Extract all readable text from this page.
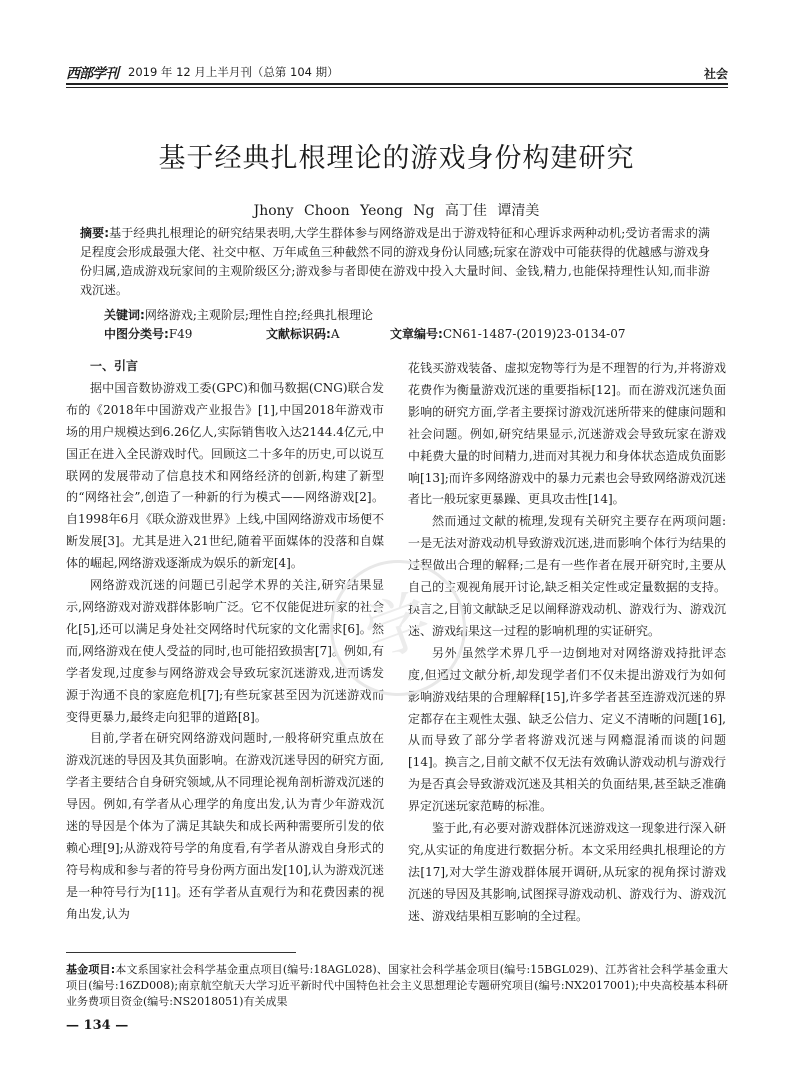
西部学刊 2019 年 12 月上半月刊（总第 104 期）	社会
基于经典扎根理论的游戏身份构建研究
Jhony Choon Yeong Ng 高丁佳 谭清美
摘要:基于经典扎根理论的研究结果表明,大学生群体参与网络游戏是出于游戏特征和心理诉求两种动机;受访者需求的满足程度会形成最强大佬、社交中枢、万年咸鱼三种截然不同的游戏身份认同感;玩家在游戏中可能获得的优越感与游戏身份归属,造成游戏玩家间的主观阶级区分;游戏参与者即使在游戏中投入大量时间、金钱,精力,也能保持理性认知,而非游戏沉迷。
关键词:网络游戏;主观阶层;理性自控;经典扎根理论
中图分类号:F49	文献标识码:A	文章编号:CN61-1487-(2019)23-0134-07

一、引言

据中国音数协游戏工委(GPC)和伽马数据(CNG)联合发布的《2018年中国游戏产业报告》[1],中国2018年游戏市场的用户规模达到6.26亿人,实际销售收入达2144.4亿元,中国正在进入全民游戏时代。回顾这二十多年的历史,可以说互联网的发展带动了信息技术和网络经济的创新,构建了新型的“网络社会”,创造了一种新的行为模式——网络游戏[2]。自1998年6月《联众游戏世界》上线,中国网络游戏市场便不断发展[3]。尤其是进入21世纪,随着平面媒体的没落和自媒体的崛起,网络游戏逐渐成为娱乐的新宠[4]。

网络游戏沉迷的问题已引起学术界的关注,研究结果显示,网络游戏对游戏群体影响广泛。它不仅能促进玩家的社会化[5],还可以满足身处社交网络时代玩家的文化需求[6]。然而,网络游戏在使人受益的同时,也可能招致损害[7]。例如,有学者发现,过度参与网络游戏会导致玩家沉迷游戏,进而诱发源于沟通不良的家庭危机[7];有些玩家甚至因为沉迷游戏而变得更暴力,最终走向犯罪的道路[8]。

目前,学者在研究网络游戏问题时,一般将研究重点放在游戏沉迷的导因及其负面影响。在游戏沉迷导因的研究方面,学者主要结合自身研究领域,从不同理论视角剖析游戏沉迷的导因。例如,有学者从心理学的角度出发,认为青少年游戏沉迷的导因是个体为了满足其缺失和成长两种需要所引发的依赖心理[9];从游戏符号学的角度看,有学者从游戏自身形式的符号构成和参与者的符号身份两方面出发[10],认为游戏沉迷是一种符号行为[11]。还有学者从直观行为和花费因素的视角出发,认为

花钱买游戏装备、虚拟宠物等行为是不理智的行为,并将游戏花费作为衡量游戏沉迷的重要指标[12]。而在游戏沉迷负面影响的研究方面,学者主要探讨游戏沉迷所带来的健康问题和社会问题。例如,研究结果显示,沉迷游戏会导致玩家在游戏中耗费大量的时间精力,进而对其视力和身体状态造成负面影响[13];而许多网络游戏中的暴力元素也会导致网络游戏沉迷者比一般玩家更暴躁、更具攻击性[14]。

然而通过文献的梳理,发现有关研究主要存在两项问题:一是无法对游戏动机导致游戏沉迷,进而影响个体行为结果的过程做出合理的解释;二是有一些作者在展开研究时,主要从自己的主观视角展开讨论,缺乏相关定性或定量数据的支持。换言之,目前文献缺乏足以阐释游戏动机、游戏行为、游戏沉迷、游戏结果这一过程的影响机理的实证研究。

另外,虽然学术界几乎一边倒地对对网络游戏持批评态度,但通过文献分析,却发现学者们不仅未提出游戏行为如何影响游戏结果的合理解释[15],许多学者甚至连游戏沉迷的界定都存在主观性太强、缺乏公信力、定义不清晰的问题[16],从而导致了部分学者将游戏沉迷与网瘾混淆而谈的问题[14]。换言之,目前文献不仅无法有效确认游戏动机与游戏行为是否真会导致游戏沉迷及其相关的负面结果,甚至缺乏准确界定沉迷玩家范畴的标准。

鉴于此,有必要对游戏群体沉迷游戏这一现象进行深入研究,从实证的角度进行数据分析。本文采用经典扎根理论的方法[17],对大学生游戏群体展开调研,从玩家的视角探讨游戏沉迷的导因及其影响,试图探寻游戏动机、游戏行为、游戏沉迷、游戏结果相互影响的全过程。

学
基金项目:本文系国家社会科学基金重点项目(编号:18AGL028)、国家社会科学基金项目(编号:15BGL029)、江苏省社会科学基金重大项目(编号:16ZD008);南京航空航天大学习近平新时代中国特色社会主义思想理论专题研究项目(编号:NX2017001);中央高校基本科研业务费项目资金(编号:NS2018051)有关成果
— 134 —
